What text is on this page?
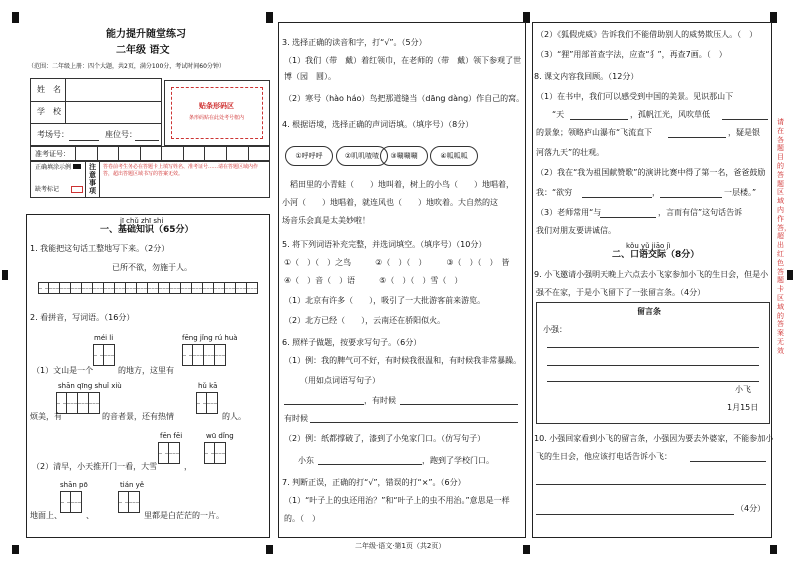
能力提升随堂练习
二年级 语文
（范围：二年级上册：四个大题，共2页，满分100分，考试时间60分钟）
姓　名
学　校
考场号：	座位号：
贴条形码区
条形码贴在此处考号框内
准考证号：
正确填涂示例
缺考标记
注意事项
答卷前考生务必在答题卡上填写姓名、准考证号……请在答题区域内作答，超出答题区域书写的答案无效。
jī chǔ zhī shi
一、基础知识（65分）
1. 我能把这句话工整地写下来。（2分）
已所不欲，勿施于人。
2. 看拼音，写词语。（16分）
méi li	fēng jǐng rú huà
（1）文山是一个	的地方，这里有
shān qīng shuǐ xiù	hǔ kā
烦美，有	的音者景，还有热情	的人。
fēn fēi	wū dǐng
（2）清早，小天推开门一看，大雪	，
shān pō	tián yě
地面上、	、	里都是白茫茫的一片。
3. 选择正确的读音和字，打“√”。（5分）
（1）我们（带　戴）着红领巾，在老师的（带　戴）领下参观了世
博（园　圆）。
（2）寒号（hào háo）鸟把那道缝当（dāng dàng）作自己的窝。
4. 根据语境，选择正确的声词语填。（填序号）（8分）
①呼呼呼	②叽叽喳喳	③唰唰唰	④呱呱呱
　稻田里的小青蛙（　　）地叫着，树上的小鸟（　　）地唱着，
小河（　　）地唱着，就连风也（　　）地吹着。大自然的这
场音乐会真是太美妙啦！
5. 将下列词语补充完整，并选词填空。（填序号）（10分）
①（　）（　）之鸟　　　②（　）（　）　　　③（　）（　）　皆
④（　）音（　）语　　　⑤（　）（　）雪（　）
（1）北京有许多（　　），吸引了一大批游客前来游览。
（2）北方已经（　　），云南还在骄阳似火。
6. 照样子做题，按要求写句子。（6分）
（1）例：我的脾气可不好，有时候我很温和，有时候我非常暴躁。
（用如点词语写句子）
，有时候
有时候
（2）例：纸都撑破了，漆到了小兔家门口。（仿写句子）
小东	，跑到了学校门口。
7. 判断正误，正确的打“√”，错误的打“×”。（6分）
（1）“叶子上的虫还用治？”和“叶子上的虫不用治。”意思是一样
的。（　）
（2）《狐假虎威》告诉我们不能借助别人的威势欺压人。（　）
（3）“狸”用部首查字法，应查“犭”，再查7画。（　）
8. 课文内容我回顾。（12分）
（1）在书中，我们可以感受到中国的美景。见识那山下
“天	，孤帆江光，风吹草低
的景象；领略庐山瀑布“飞流直下	，疑是银
河落九天”的壮观。
（2）我在“我为祖国献赞歌”的演讲比赛中得了第一名，爸爸鼓励
我：“欲穷	，	一层楼。”
（3）老师常用“与	，言而有信”这句话告诉
我们对朋友要讲诚信。
kǒu yǔ jiāo jì
二、口语交际（8分）
9. 小飞邀请小强明天晚上六点去小飞家参加小飞的生日会，但是小
强不在家，于是小飞留下了一张留言条。（4分）
留言条
小强：
小飞
1月15日
10. 小强回家看到小飞的留言条，小强因为要去外婆家，不能参加小
飞的生日会，他应该打电话告诉小飞：
（4分）
请在各题目的答题区域内作答，超出红色答题卡区域的答案无效
二年级·语文·第1页（共2页）
